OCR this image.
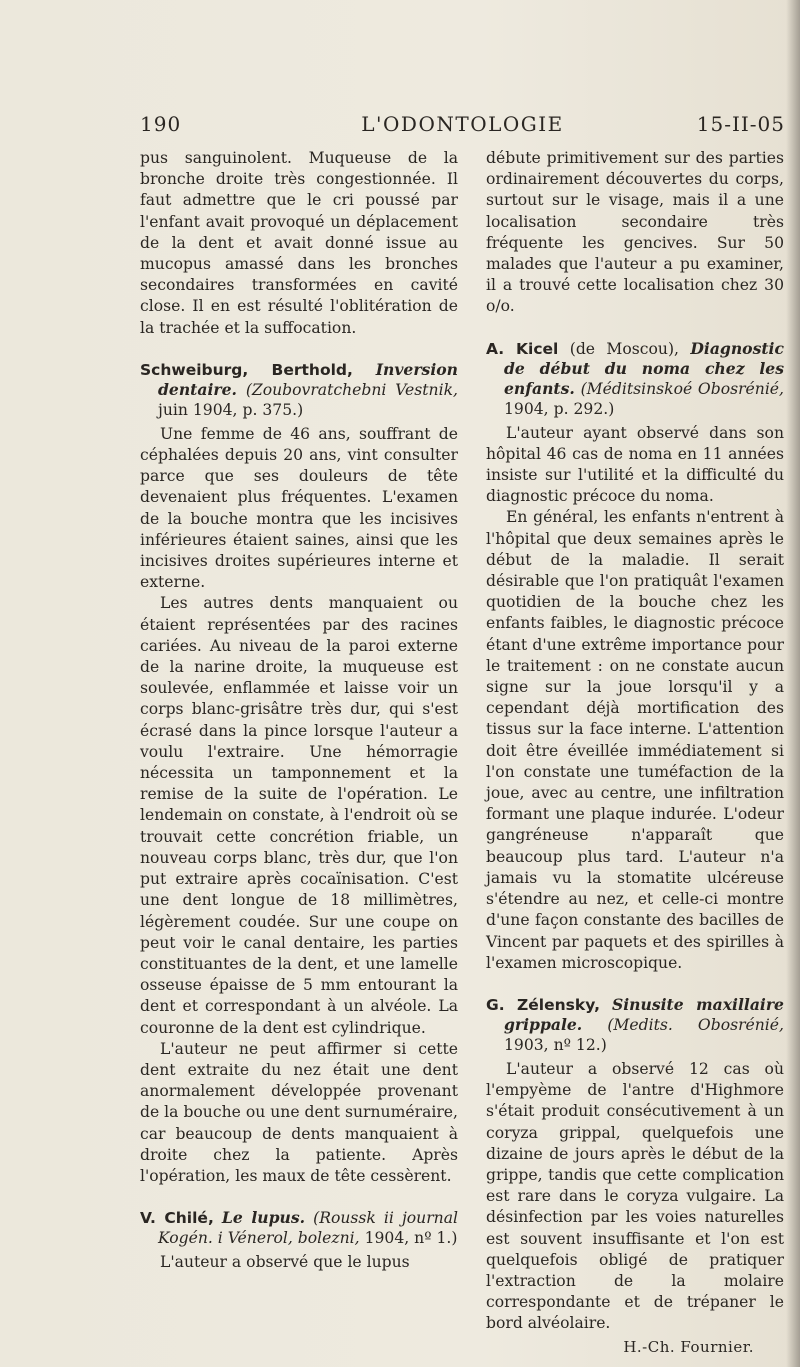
190	L'ODONTOLOGIE	15-II-05

pus sanguinolent. Muqueuse de la bronche droite très congestionnée. Il faut admettre que le cri poussé par l'enfant avait provoqué un déplacement de la dent et avait donné issue au mucopus amassé dans les bronches secondaires transformées en cavité close. Il en est résulté l'oblitération de la trachée et la suffocation.

Schweiburg, Berthold, Inversion dentaire. (Zoubovratchebni Vestnik, juin 1904, p. 375.)

Une femme de 46 ans, souffrant de céphalées depuis 20 ans, vint consulter parce que ses douleurs de tête devenaient plus fréquentes. L'examen de la bouche montra que les incisives inférieures étaient saines, ainsi que les incisives droites supérieures interne et externe.

Les autres dents manquaient ou étaient représentées par des racines cariées. Au niveau de la paroi externe de la narine droite, la muqueuse est soulevée, enflammée et laisse voir un corps blanc-grisâtre très dur, qui s'est écrasé dans la pince lorsque l'auteur a voulu l'extraire. Une hémorragie nécessita un tamponnement et la remise de la suite de l'opération. Le lendemain on constate, à l'endroit où se trouvait cette concrétion friable, un nouveau corps blanc, très dur, que l'on put extraire après cocaïnisation. C'est une dent longue de 18 millimètres, légèrement coudée. Sur une coupe on peut voir le canal dentaire, les parties constituantes de la dent, et une lamelle osseuse épaisse de 5 mm entourant la dent et correspondant à un alvéole. La couronne de la dent est cylindrique.

L'auteur ne peut affirmer si cette dent extraite du nez était une dent anormalement développée provenant de la bouche ou une dent surnuméraire, car beaucoup de dents manquaient à droite chez la patiente. Après l'opération, les maux de tête cessèrent.

V. Chilé, Le lupus. (Roussk ii journal Kogén. i Vénerol, bolezni, 1904, nº 1.)

L'auteur a observé que le lupus

débute primitivement sur des parties ordinairement découvertes du corps, surtout sur le visage, mais il a une localisation secondaire très fréquente les gencives. Sur 50 malades que l'auteur a pu examiner, il a trouvé cette localisation chez 30 o/o.

A. Kicel (de Moscou), Diagnostic de début du noma chez les enfants. (Méditsinskoé Obosrénié, 1904, p. 292.)

L'auteur ayant observé dans son hôpital 46 cas de noma en 11 années insiste sur l'utilité et la difficulté du diagnostic précoce du noma.

En général, les enfants n'entrent à l'hôpital que deux semaines après le début de la maladie. Il serait désirable que l'on pratiquât l'examen quotidien de la bouche chez les enfants faibles, le diagnostic précoce étant d'une extrême importance pour le traitement : on ne constate aucun signe sur la joue lorsqu'il y a cependant déjà mortification des tissus sur la face interne. L'attention doit être éveillée immédiatement si l'on constate une tuméfaction de la joue, avec au centre, une infiltration formant une plaque indurée. L'odeur gangréneuse n'apparaît que beaucoup plus tard. L'auteur n'a jamais vu la stomatite ulcéreuse s'étendre au nez, et celle-ci montre d'une façon constante des bacilles de Vincent par paquets et des spirilles à l'examen microscopique.

G. Zélensky, Sinusite maxillaire grippale. (Medits. Obosrénié, 1903, nº 12.)

L'auteur a observé 12 cas où l'empyème de l'antre d'Highmore s'était produit consécutivement à un coryza grippal, quelquefois une dizaine de jours après le début de la grippe, tandis que cette complication est rare dans le coryza vulgaire. La désinfection par les voies naturelles est souvent insuffisante et l'on est quelquefois obligé de pratiquer l'extraction de la molaire correspondante et de trépaner le bord alvéolaire.

H.-Ch. Fournier.
